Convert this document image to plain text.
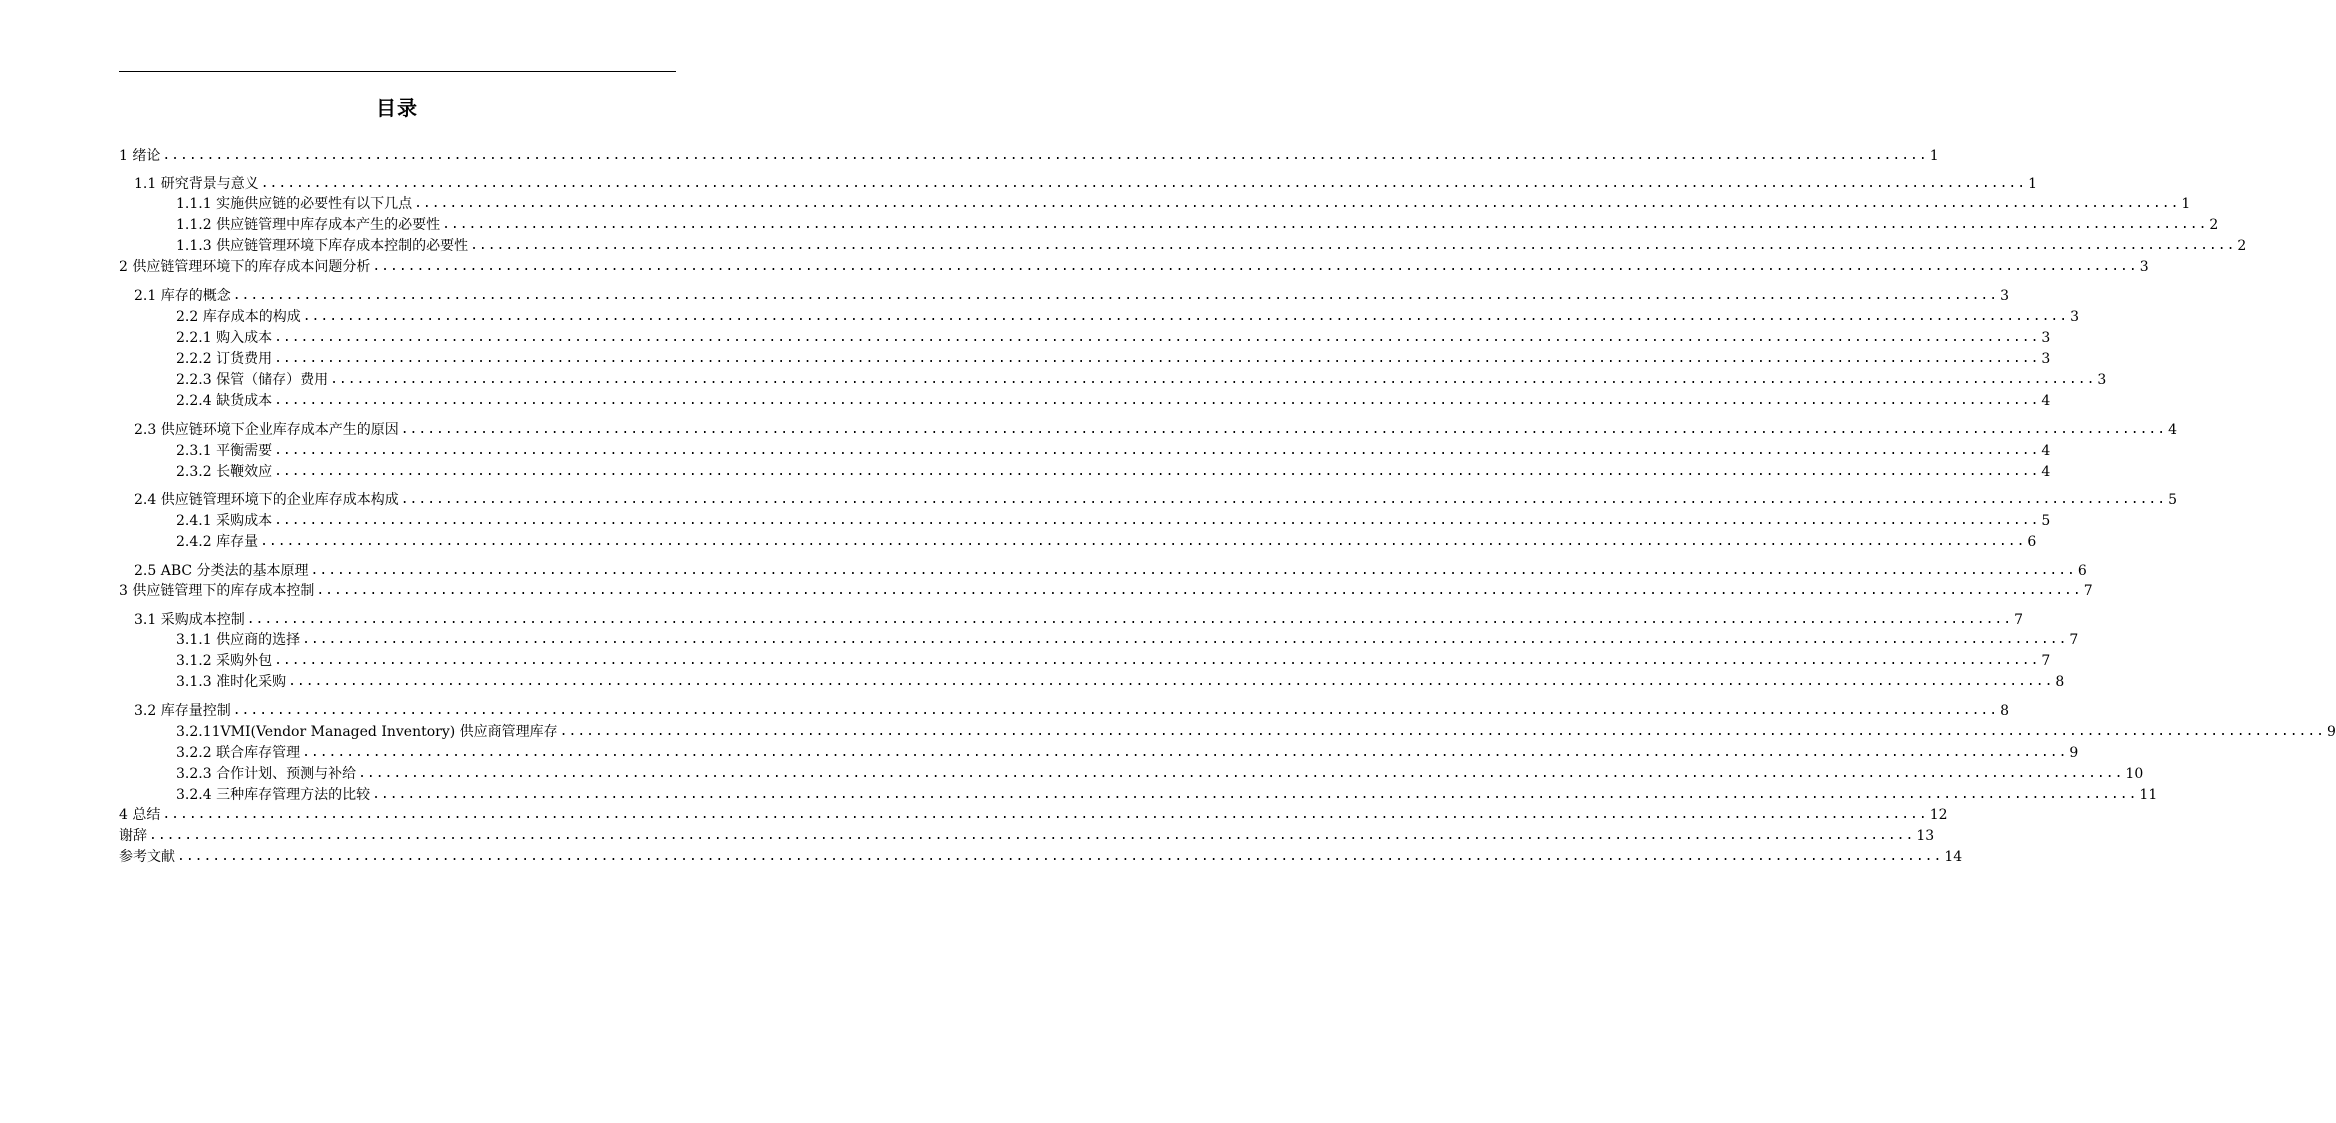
目录
1 绪论 ........................................................................................................................................................................................................ 1
1.1 研究背景与意义 ........................................................................................................................................................................................................ 1
1.1.1 实施供应链的必要性有以下几点 ........................................................................................................................................................................................................ 1
1.1.2 供应链管理中库存成本产生的必要性 ........................................................................................................................................................................................................ 2
1.1.3 供应链管理环境下库存成本控制的必要性 ........................................................................................................................................................................................................ 2
2 供应链管理环境下的库存成本问题分析 ........................................................................................................................................................................................................ 3
2.1 库存的概念 ........................................................................................................................................................................................................ 3
2.2 库存成本的构成 ........................................................................................................................................................................................................ 3
2.2.1 购入成本 ........................................................................................................................................................................................................ 3
2.2.2 订货费用 ........................................................................................................................................................................................................ 3
2.2.3 保管（储存）费用 ........................................................................................................................................................................................................ 3
2.2.4 缺货成本 ........................................................................................................................................................................................................ 4
2.3 供应链环境下企业库存成本产生的原因 ........................................................................................................................................................................................................ 4
2.3.1 平衡需要 ........................................................................................................................................................................................................ 4
2.3.2 长鞭效应 ........................................................................................................................................................................................................ 4
2.4 供应链管理环境下的企业库存成本构成 ........................................................................................................................................................................................................ 5
2.4.1 采购成本 ........................................................................................................................................................................................................ 5
2.4.2 库存量 ........................................................................................................................................................................................................ 6
2.5 ABC 分类法的基本原理 ........................................................................................................................................................................................................ 6
3 供应链管理下的库存成本控制 ........................................................................................................................................................................................................ 7
3.1 采购成本控制 ........................................................................................................................................................................................................ 7
3.1.1 供应商的选择 ........................................................................................................................................................................................................ 7
3.1.2 采购外包 ........................................................................................................................................................................................................ 7
3.1.3 准时化采购 ........................................................................................................................................................................................................ 8
3.2 库存量控制 ........................................................................................................................................................................................................ 8
3.2.11VMI(Vendor Managed Inventory) 供应商管理库存 ........................................................................................................................................................................................................ 9
3.2.2 联合库存管理 ........................................................................................................................................................................................................ 9
3.2.3 合作计划、预测与补给 ........................................................................................................................................................................................................ 10
3.2.4 三种库存管理方法的比较 ........................................................................................................................................................................................................ 11
4 总结 ........................................................................................................................................................................................................ 12
谢辞 ........................................................................................................................................................................................................ 13
参考文献 ........................................................................................................................................................................................................ 14
